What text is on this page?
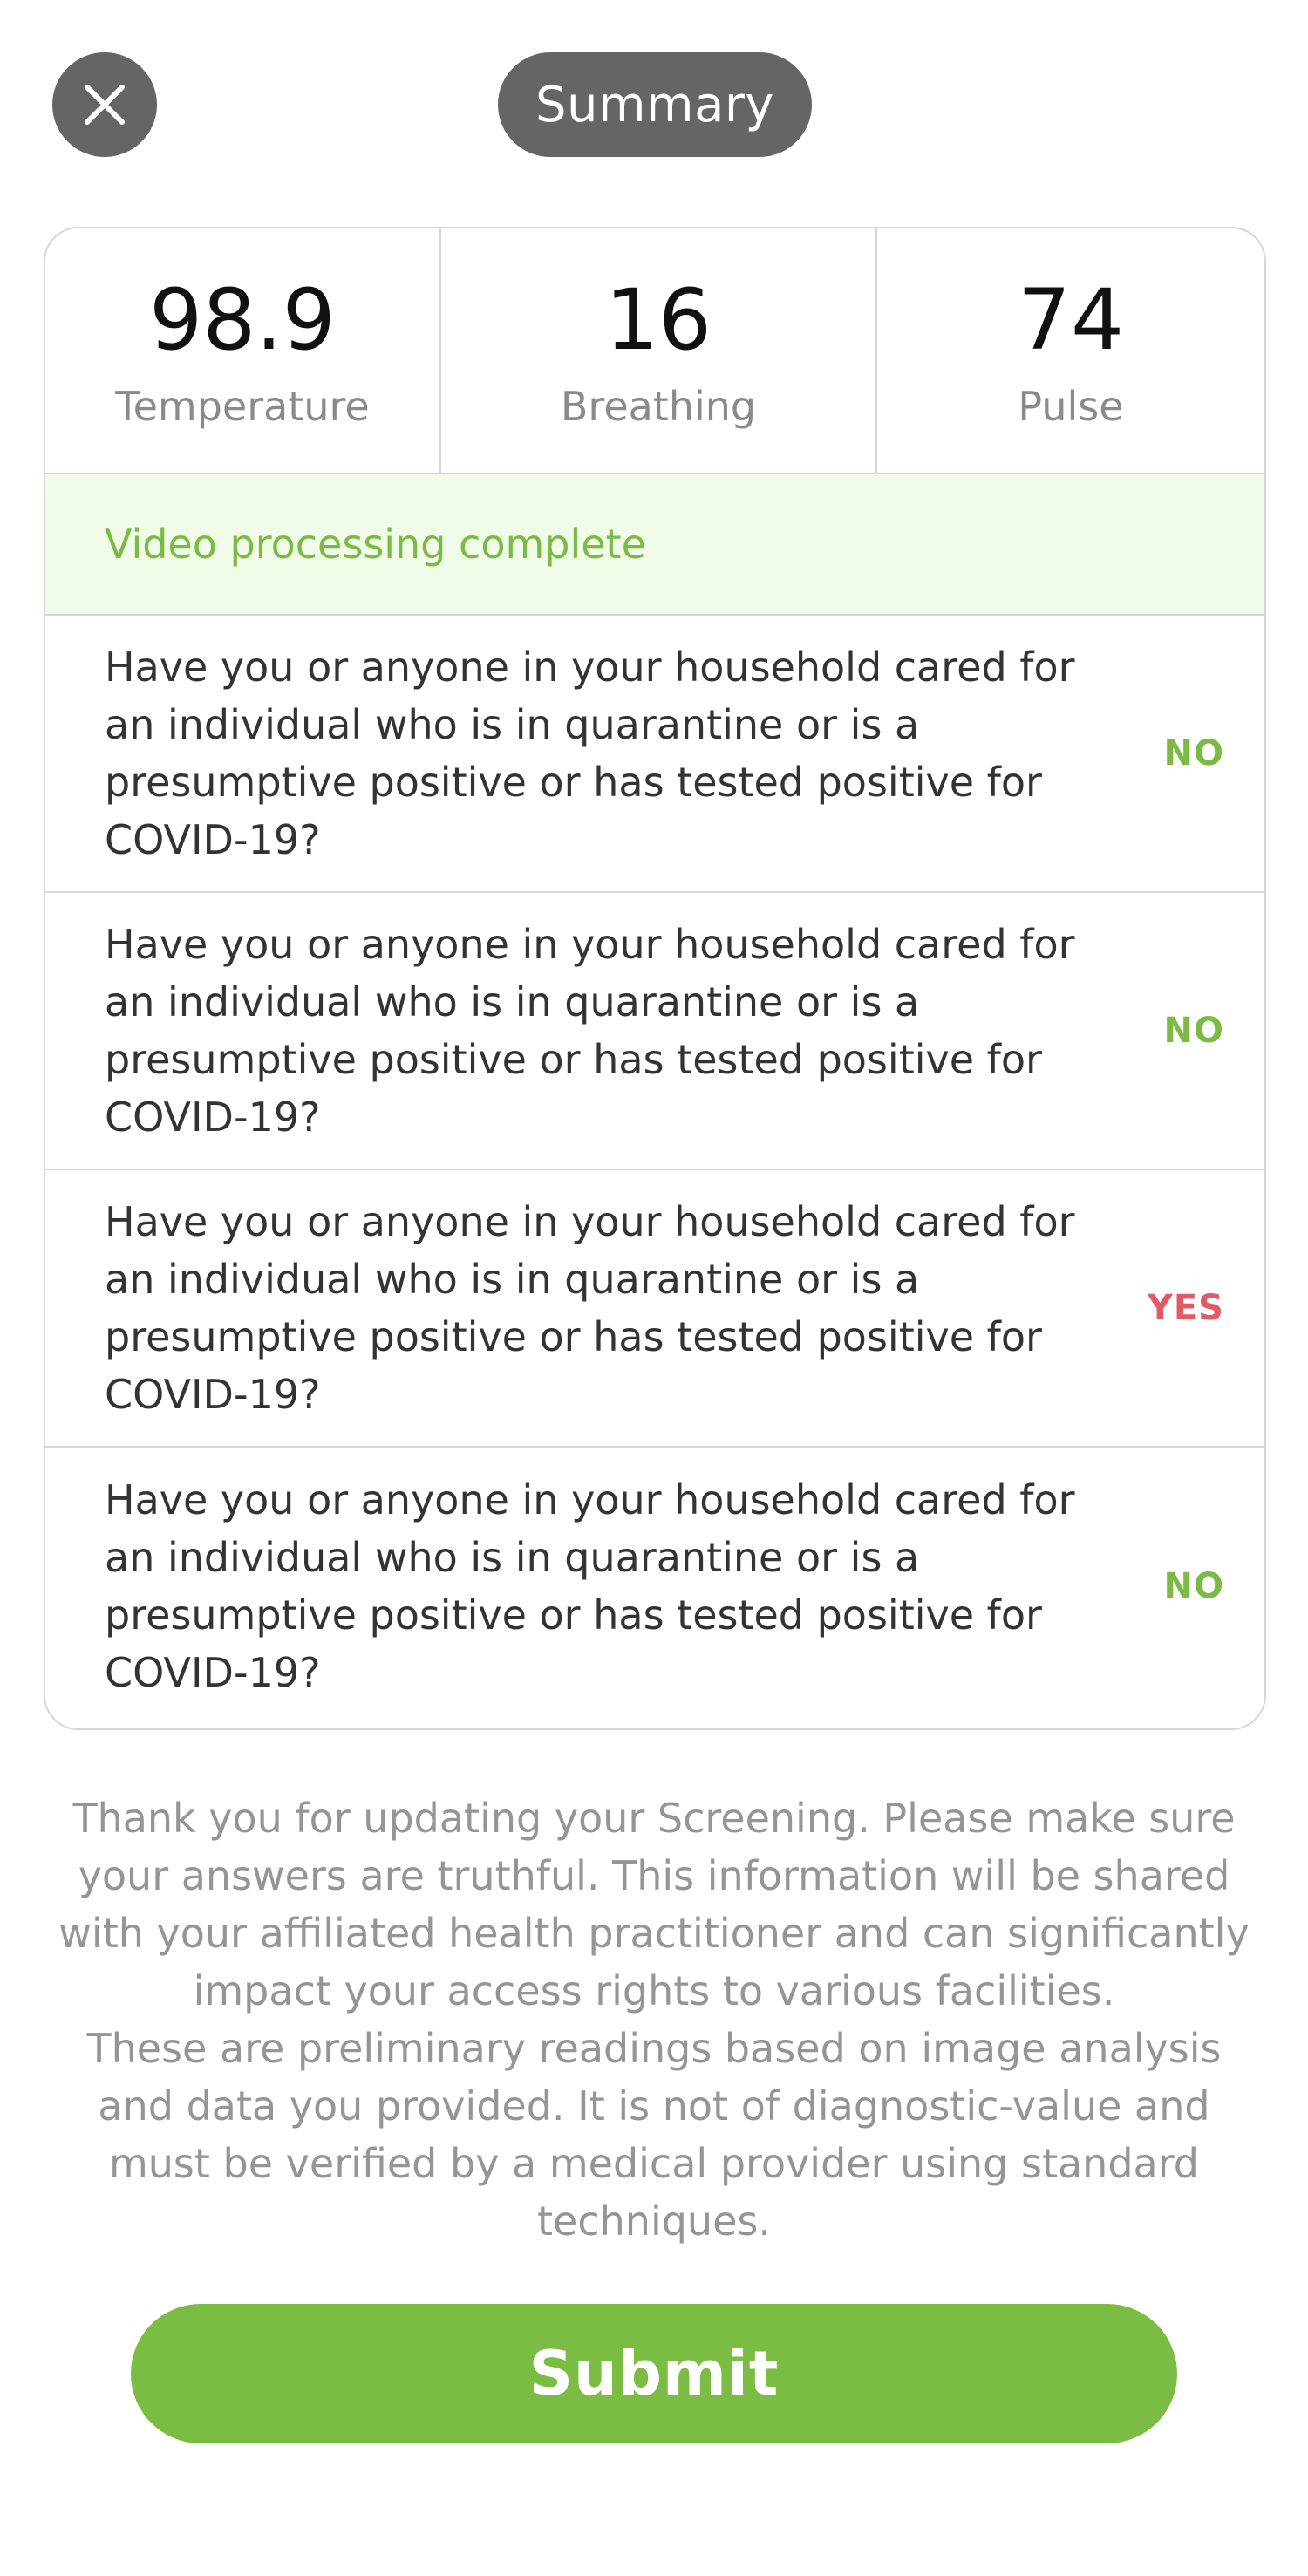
Summary
98.9
Temperature
16
Breathing
74
Pulse
Video processing complete
Have you or anyone in your household cared for an individual who is in quarantine or is a presumptive positive or has tested positive for COVID-19?
NO
Have you or anyone in your household cared for an individual who is in quarantine or is a presumptive positive or has tested positive for COVID-19?
NO
Have you or anyone in your household cared for an individual who is in quarantine or is a presumptive positive or has tested positive for COVID-19?
YES
Have you or anyone in your household cared for an individual who is in quarantine or is a presumptive positive or has tested positive for COVID-19?
NO

Thank you for updating your Screening. Please make sure your answers are truthful. This information will be shared with your affiliated health practitioner and can significantly impact your access rights to various facilities.

These are preliminary readings based on image analysis and data you provided. It is not of diagnostic-value and must be verified by a medical provider using standard techniques.

Submit
